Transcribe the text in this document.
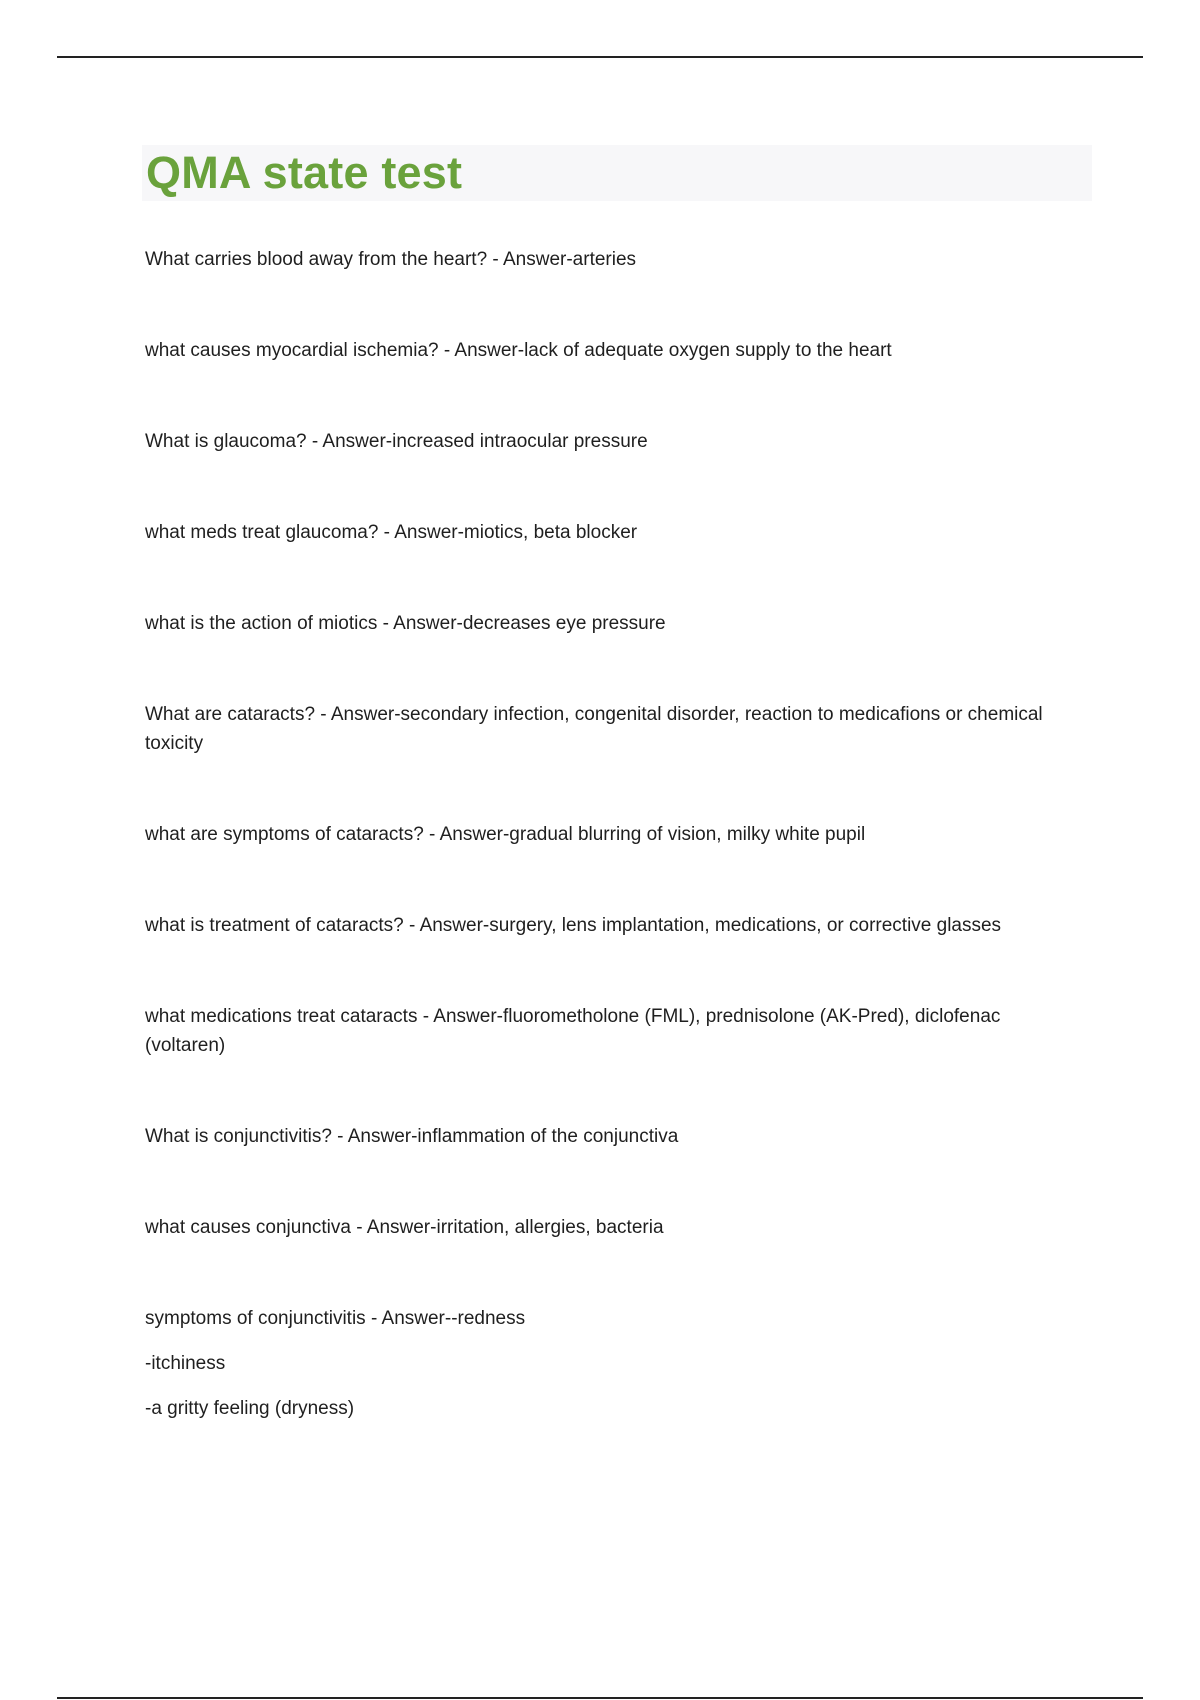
QMA state test

What carries blood away from the heart? - Answer-arteries

what causes myocardial ischemia? - Answer-lack of adequate oxygen supply to the heart

What is glaucoma? - Answer-increased intraocular pressure

what meds treat glaucoma? - Answer-miotics, beta blocker

what is the action of miotics - Answer-decreases eye pressure

What are cataracts? - Answer-secondary infection, congenital disorder, reaction to medicafions or chemical toxicity

what are symptoms of cataracts? - Answer-gradual blurring of vision, milky white pupil

what is treatment of cataracts? - Answer-surgery, lens implantation, medications, or corrective glasses

what medications treat cataracts - Answer-fluorometholone (FML), prednisolone (AK-Pred), diclofenac (voltaren)

What is conjunctivitis? - Answer-inflammation of the conjunctiva

what causes conjunctiva - Answer-irritation, allergies, bacteria

symptoms of conjunctivitis - Answer--redness
-itchiness
-a gritty feeling (dryness)
